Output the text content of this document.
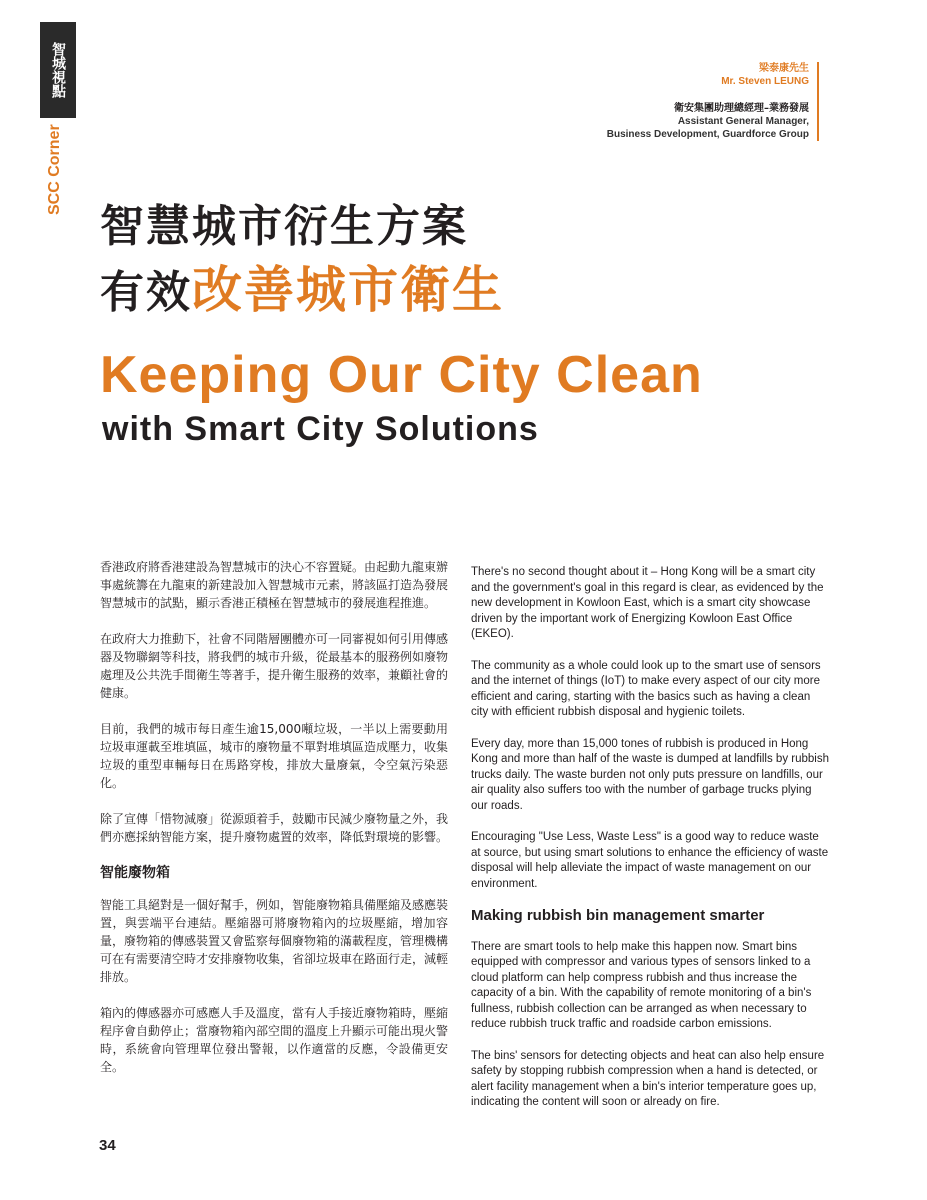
智城視點
SCC Corner
梁泰康先生
Mr. Steven LEUNG
衛安集團助理總經理–業務發展
Assistant General Manager,
Business Development, Guardforce Group
智慧城市衍生方案
有效改善城市衛生
Keeping Our City Clean
with Smart City Solutions

香港政府將香港建設為智慧城市的決心不容置疑。由起動九龍東辦事處統籌在九龍東的新建設加入智慧城市元素，將該區打造為發展智慧城市的試點，顯示香港正積極在智慧城市的發展進程推進。

在政府大力推動下，社會不同階層團體亦可一同審視如何引用傳感器及物聯網等科技，將我們的城市升級，從最基本的服務例如廢物處理及公共洗手間衛生等著手，提升衛生服務的效率，兼顧社會的健康。

目前，我們的城市每日產生逾15,000噸垃圾，一半以上需要動用垃圾車運載至堆填區，城市的廢物量不單對堆填區造成壓力，收集垃圾的重型車輛每日在馬路穿梭，排放大量廢氣，令空氣污染惡化。

除了宣傳「惜物減廢」從源頭着手，鼓勵市民減少廢物量之外，我們亦應採納智能方案，提升廢物處置的效率，降低對環境的影響。

智能廢物箱

智能工具絕對是一個好幫手，例如，智能廢物箱具備壓縮及感應裝置，與雲端平台連結。壓縮器可將廢物箱內的垃圾壓縮，增加容量，廢物箱的傳感裝置又會監察每個廢物箱的滿載程度，管理機構可在有需要清空時才安排廢物收集，省卻垃圾車在路面行走，減輕排放。

箱內的傳感器亦可感應人手及溫度，當有人手接近廢物箱時，壓縮程序會自動停止；當廢物箱內部空間的溫度上升顯示可能出現火警時，系統會向管理單位發出警報，以作適當的反應，令設備更安全。

There's no second thought about it – Hong Kong will be a smart city and the government's goal in this regard is clear, as evidenced by the new development in Kowloon East, which is a smart city showcase driven by the important work of Energizing Kowloon East Office (EKEO).

The community as a whole could look up to the smart use of sensors and the internet of things (IoT) to make every aspect of our city more efficient and caring, starting with the basics such as having a clean city with efficient rubbish disposal and hygienic toilets.

Every day, more than 15,000 tones of rubbish is produced in Hong Kong and more than half of the waste is dumped at landfills by rubbish trucks daily. The waste burden not only puts pressure on landfills, our air quality also suffers too with the number of garbage trucks plying our roads.

Encouraging "Use Less, Waste Less" is a good way to reduce waste at source, but using smart solutions to enhance the efficiency of waste disposal will help alleviate the impact of waste management on our environment.

Making rubbish bin management smarter

There are smart tools to help make this happen now. Smart bins equipped with compressor and various types of sensors linked to a cloud platform can help compress rubbish and thus increase the capacity of a bin. With the capability of remote monitoring of a bin's fullness, rubbish collection can be arranged as when necessary to reduce rubbish truck traffic and roadside carbon emissions.

The bins' sensors for detecting objects and heat can also help ensure safety by stopping rubbish compression when a hand is detected, or alert facility management when a bin's interior temperature goes up, indicating the content will soon or already on fire.

34
